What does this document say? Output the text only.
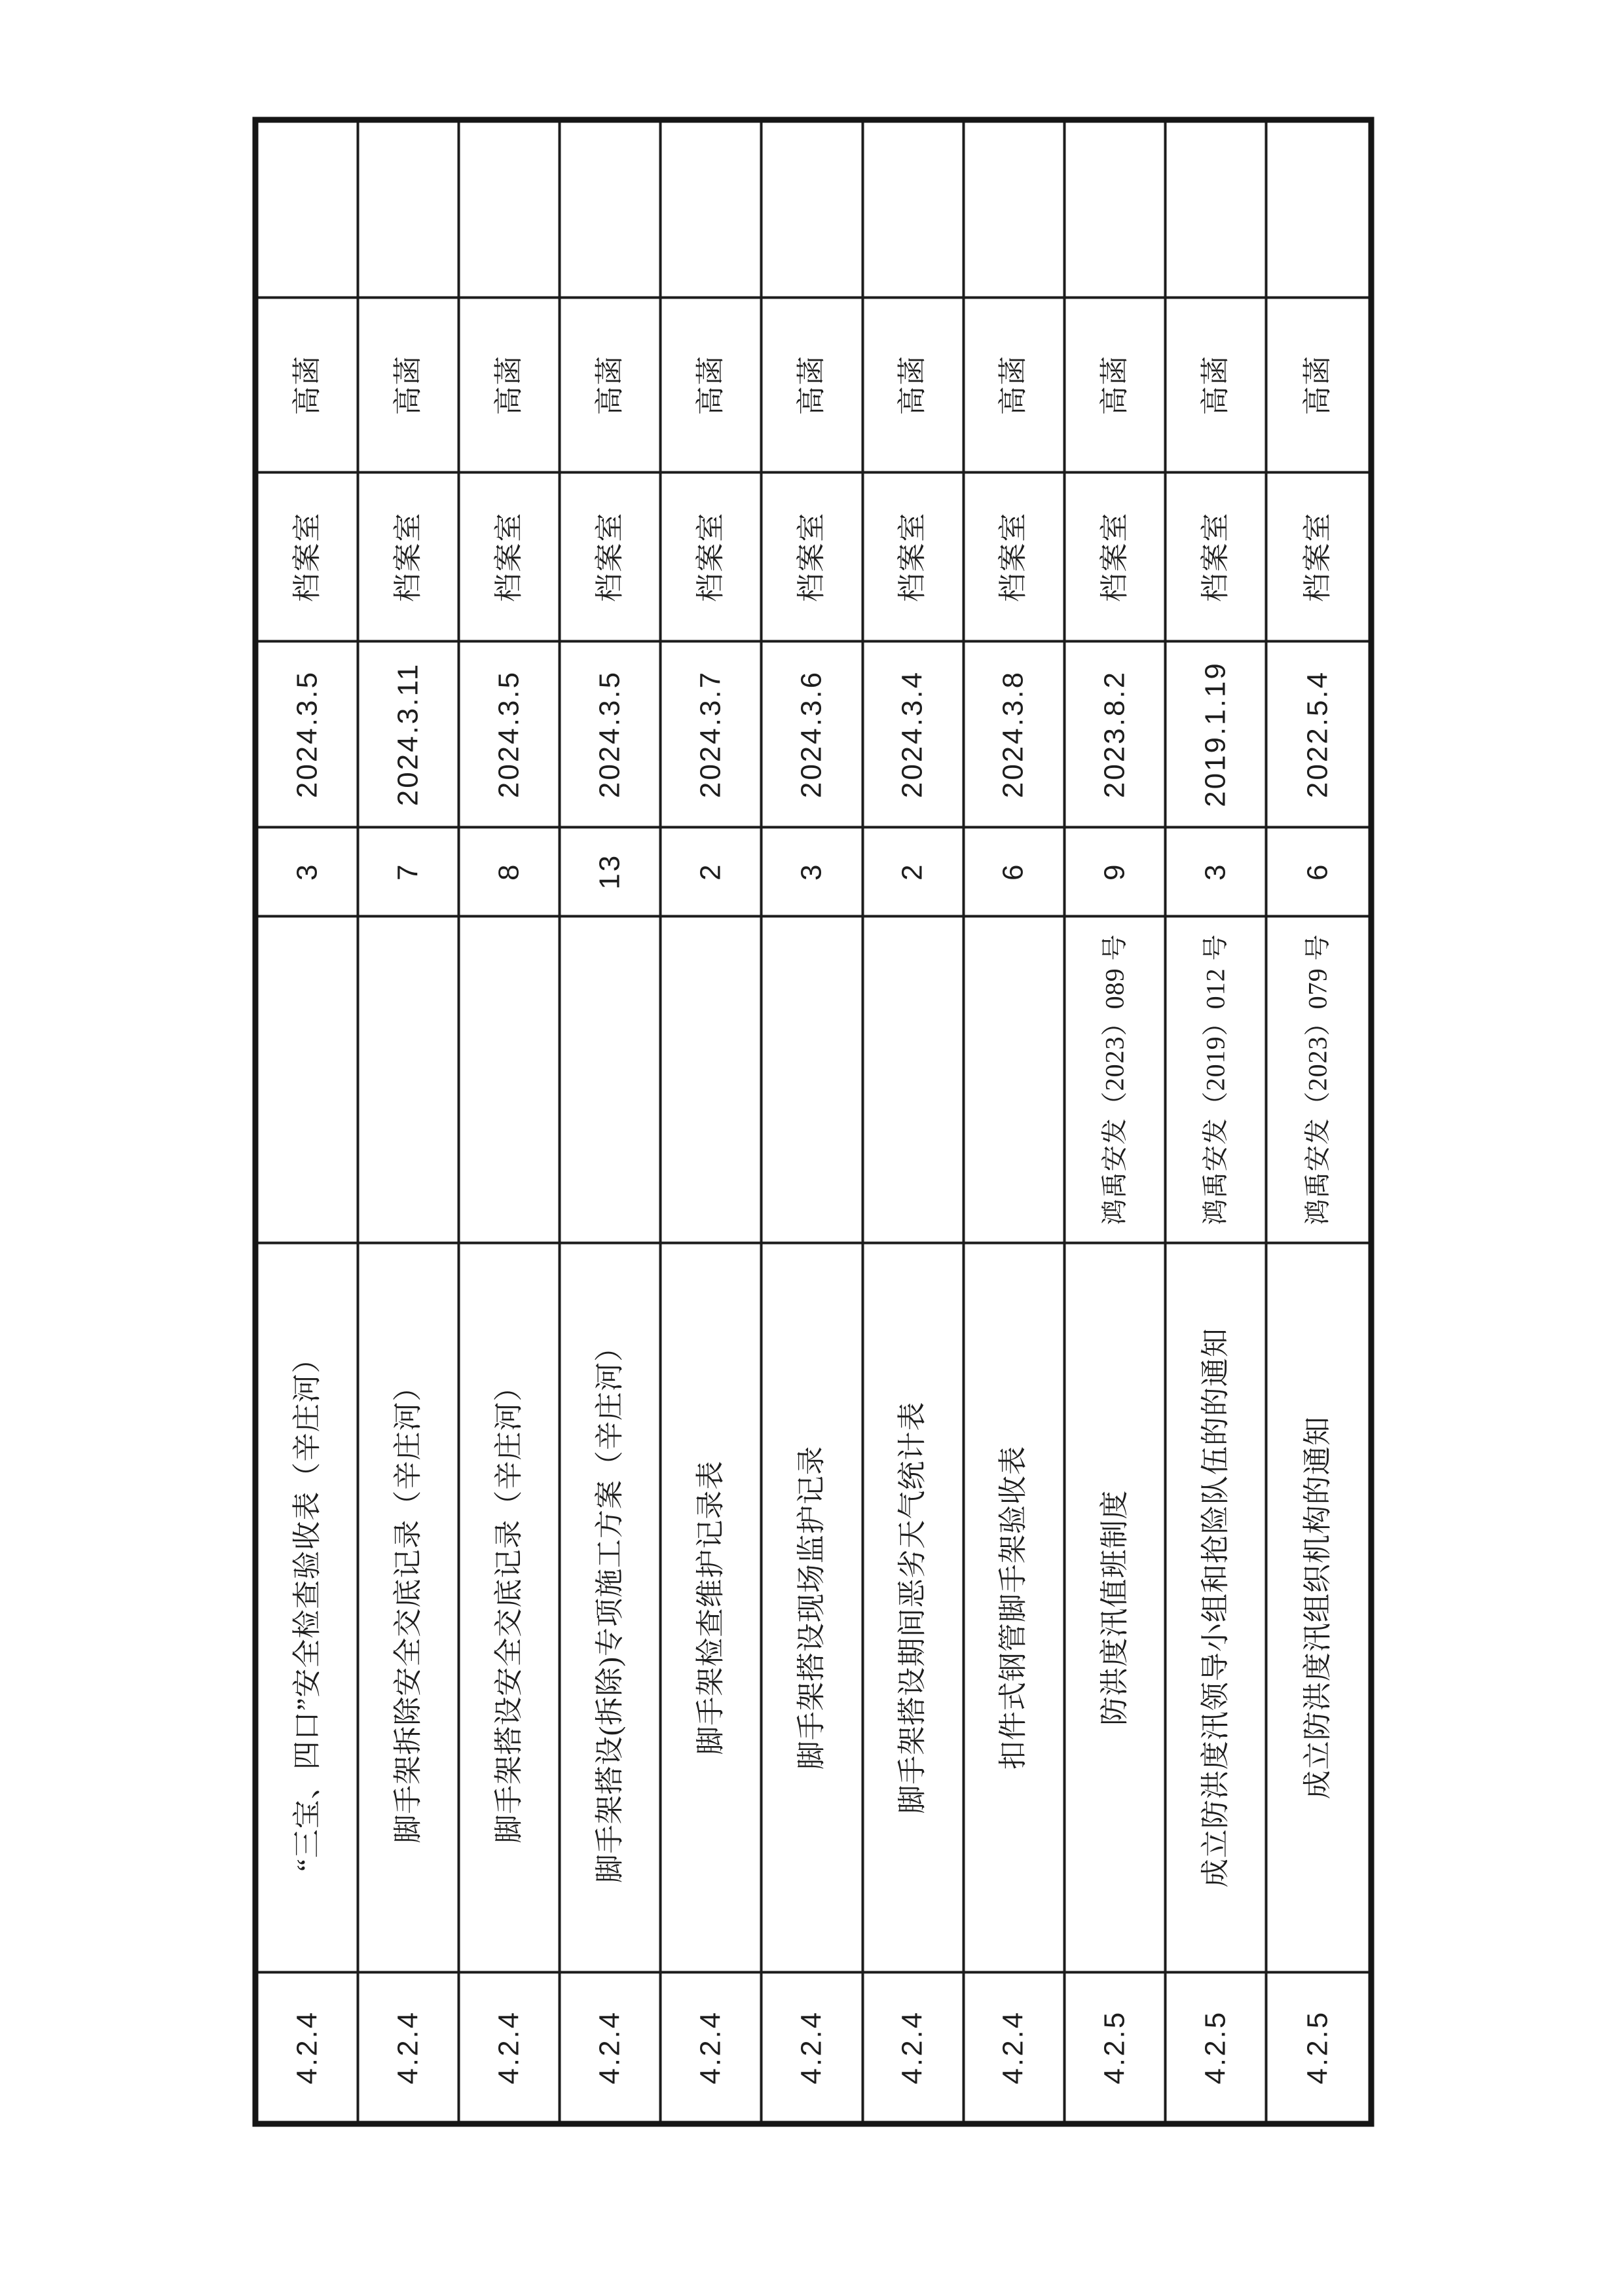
4.2.4
“三宝、四口”安全检查验收表（辛庄河）
3
2024.3.5
档案室
高菡
4.2.4
脚手架拆除安全交底记录（辛庄河）
7
2024.3.11
档案室
高菡
4.2.4
脚手架搭设安全交底记录（辛庄河）
8
2024.3.5
档案室
高菡
4.2.4
脚手架搭设(拆除)专项施工方案（辛庄河）
13
2024.3.5
档案室
高菡
4.2.4
脚手架检查维护记录表
2
2024.3.7
档案室
高菡
4.2.4
脚手架搭设现场监护记录
3
2024.3.6
档案室
高菡
4.2.4
脚手架搭设期间恶劣天气统计表
2
2024.3.4
档案室
高菡
4.2.4
扣件式钢管脚手架验收表
6
2024.3.8
档案室
高菡
4.2.5
防洪度汛值班制度
鸿禹安发（2023）089 号
9
2023.8.2
档案室
高菡
4.2.5
成立防洪度汛领导小组和抢险队伍的的通知
鸿禹安发（2019）012 号
3
2019.1.19
档案室
高菡
4.2.5
成立防洪度汛组织机构的通知
鸿禹安发（2023）079 号
6
2022.5.4
档案室
高菡
